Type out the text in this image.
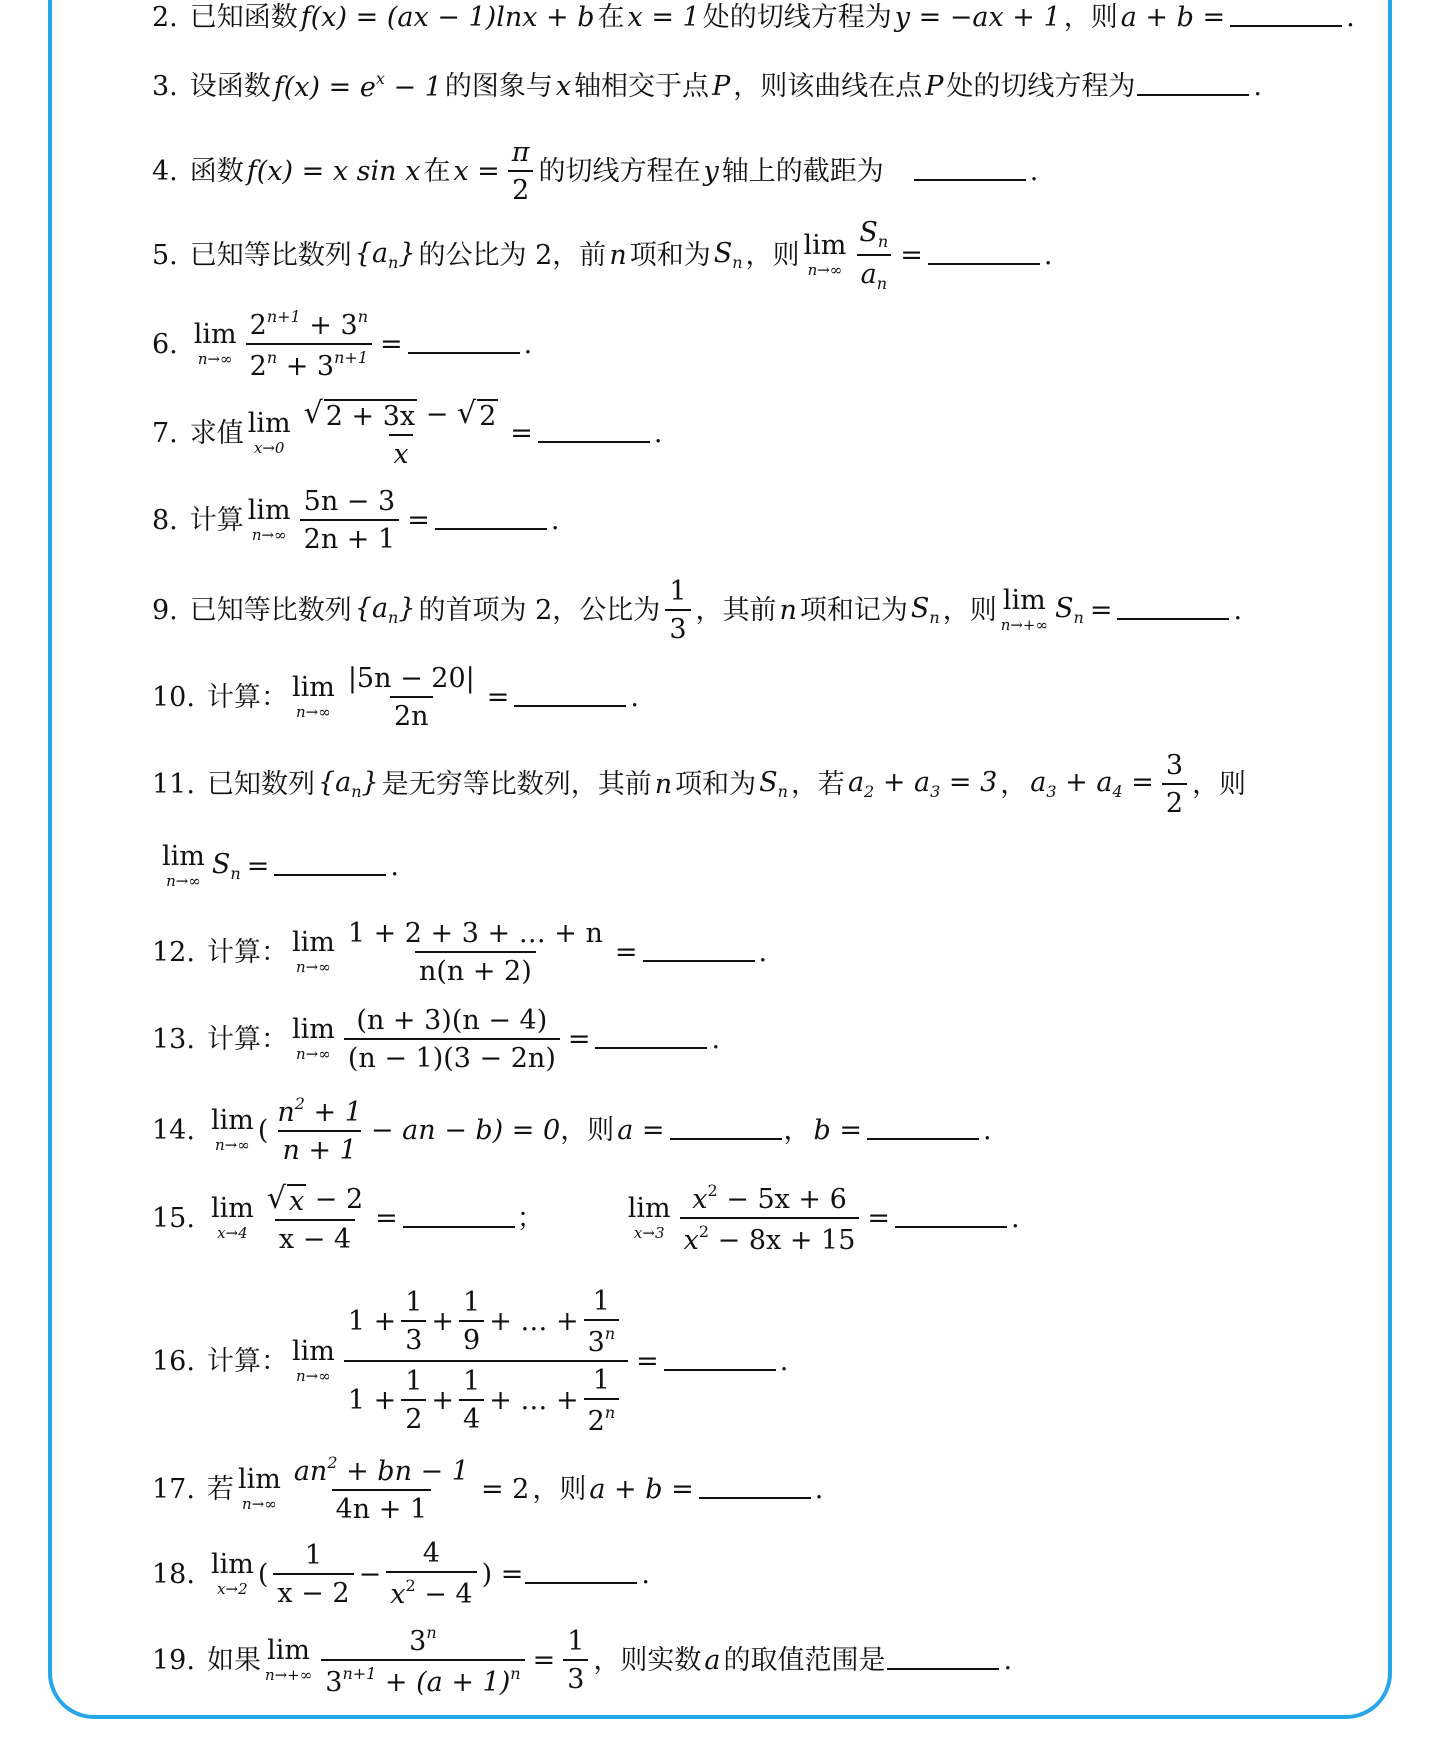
2. 已知函数 f(x) = (ax − 1)lnx + b 在 x = 1 处的切线方程为 y = −ax + 1 ，则 a + b =	.
3. 设函数 $f(x) = e^x - 1$ 的图象与 x 轴相交于点 P ，则该曲线在点 P 处的切线方程为	.
4. 函数 f(x) = x sin x 在 $x = \frac{\pi}{2}$ 的切线方程在 y 轴上的截距为	.
5. 已知等比数列 $\{a_n\}$ 的公比为 2，前 n 项和为 $S_n$ ，则 lim
$n\to\infty \frac{S_n}{a_n}$ =	.
6. lim
$n\to\infty \frac{2^{n+1} + 3^n}{2^n + 3^{n+1}}$ =	.
7. 求值 lim
$x\to 0 \frac{√ 2 + 3x - √ 2}{x}$ =	.
8. 计算 lim
$n\to\infty \frac{5n - 3}{2n + 1}$ =	.
9. 已知等比数列 $\{a_n\}$ 的首项为 2，公比为 $\frac{1}{3}$ ，其前 n 项和记为 $S_n$ ，则 lim
n→+∞
$S_n$ =	.
10. 计算： lim
$n\to\infty \frac{|5n - 20|}{2n}$ =	.
11. 已知数列 $\{a_n\}$ 是无穷等比数列，其前 n 项和为 $S_n$ ，若 $a_2 + a_3 = 3$ ， $a_3 + a_4 = \frac{3}{2}$ ，则
lim
n→∞
$S_n$ =	.
12. 计算： lim
$n\to\infty \frac{1 + 2 + 3 + \dots + n}{n(n + 2)}$ =	.
13. 计算： lim
$n\to\infty \frac{(n + 3)(n - 4)}{(n - 1)(3 - 2n)}$ =	.
14. lim
n→∞ ( $\frac{n^2 + 1}{n + 1}$ − an − b) = 0 ，则 a =	， b =	.
15. lim
$x\to 4 \frac{√ x - 2}{x - 4}$ =	；	lim
$x\to 3 \frac{x^2 - 5x + 6}{x^2 - 8x + 15}$ =	.
16. 计算： lim
$n\to\infty \frac{1 + \frac{1}{3} + \frac{1}{9} + \dots + \frac{1}{3^n}}{1 + \frac{1}{2} + \frac{1}{4} + \dots + \frac{1}{2^n}}$ =	.
17. 若 lim
$n\to\infty \frac{an^2 + bn - 1}{4n + 1} = 2$ ，则 a + b =	.
18. lim
x→2 ( $\frac{1}{x - 2} - \frac{4}{x^2 - 4}$ ) =	.
19. 如果 lim
$n\to+\infty \frac{3^n}{3^{n+1} + (a + 1)^n} = \frac{1}{3}$ ，则实数 a 的取值范围是	.
